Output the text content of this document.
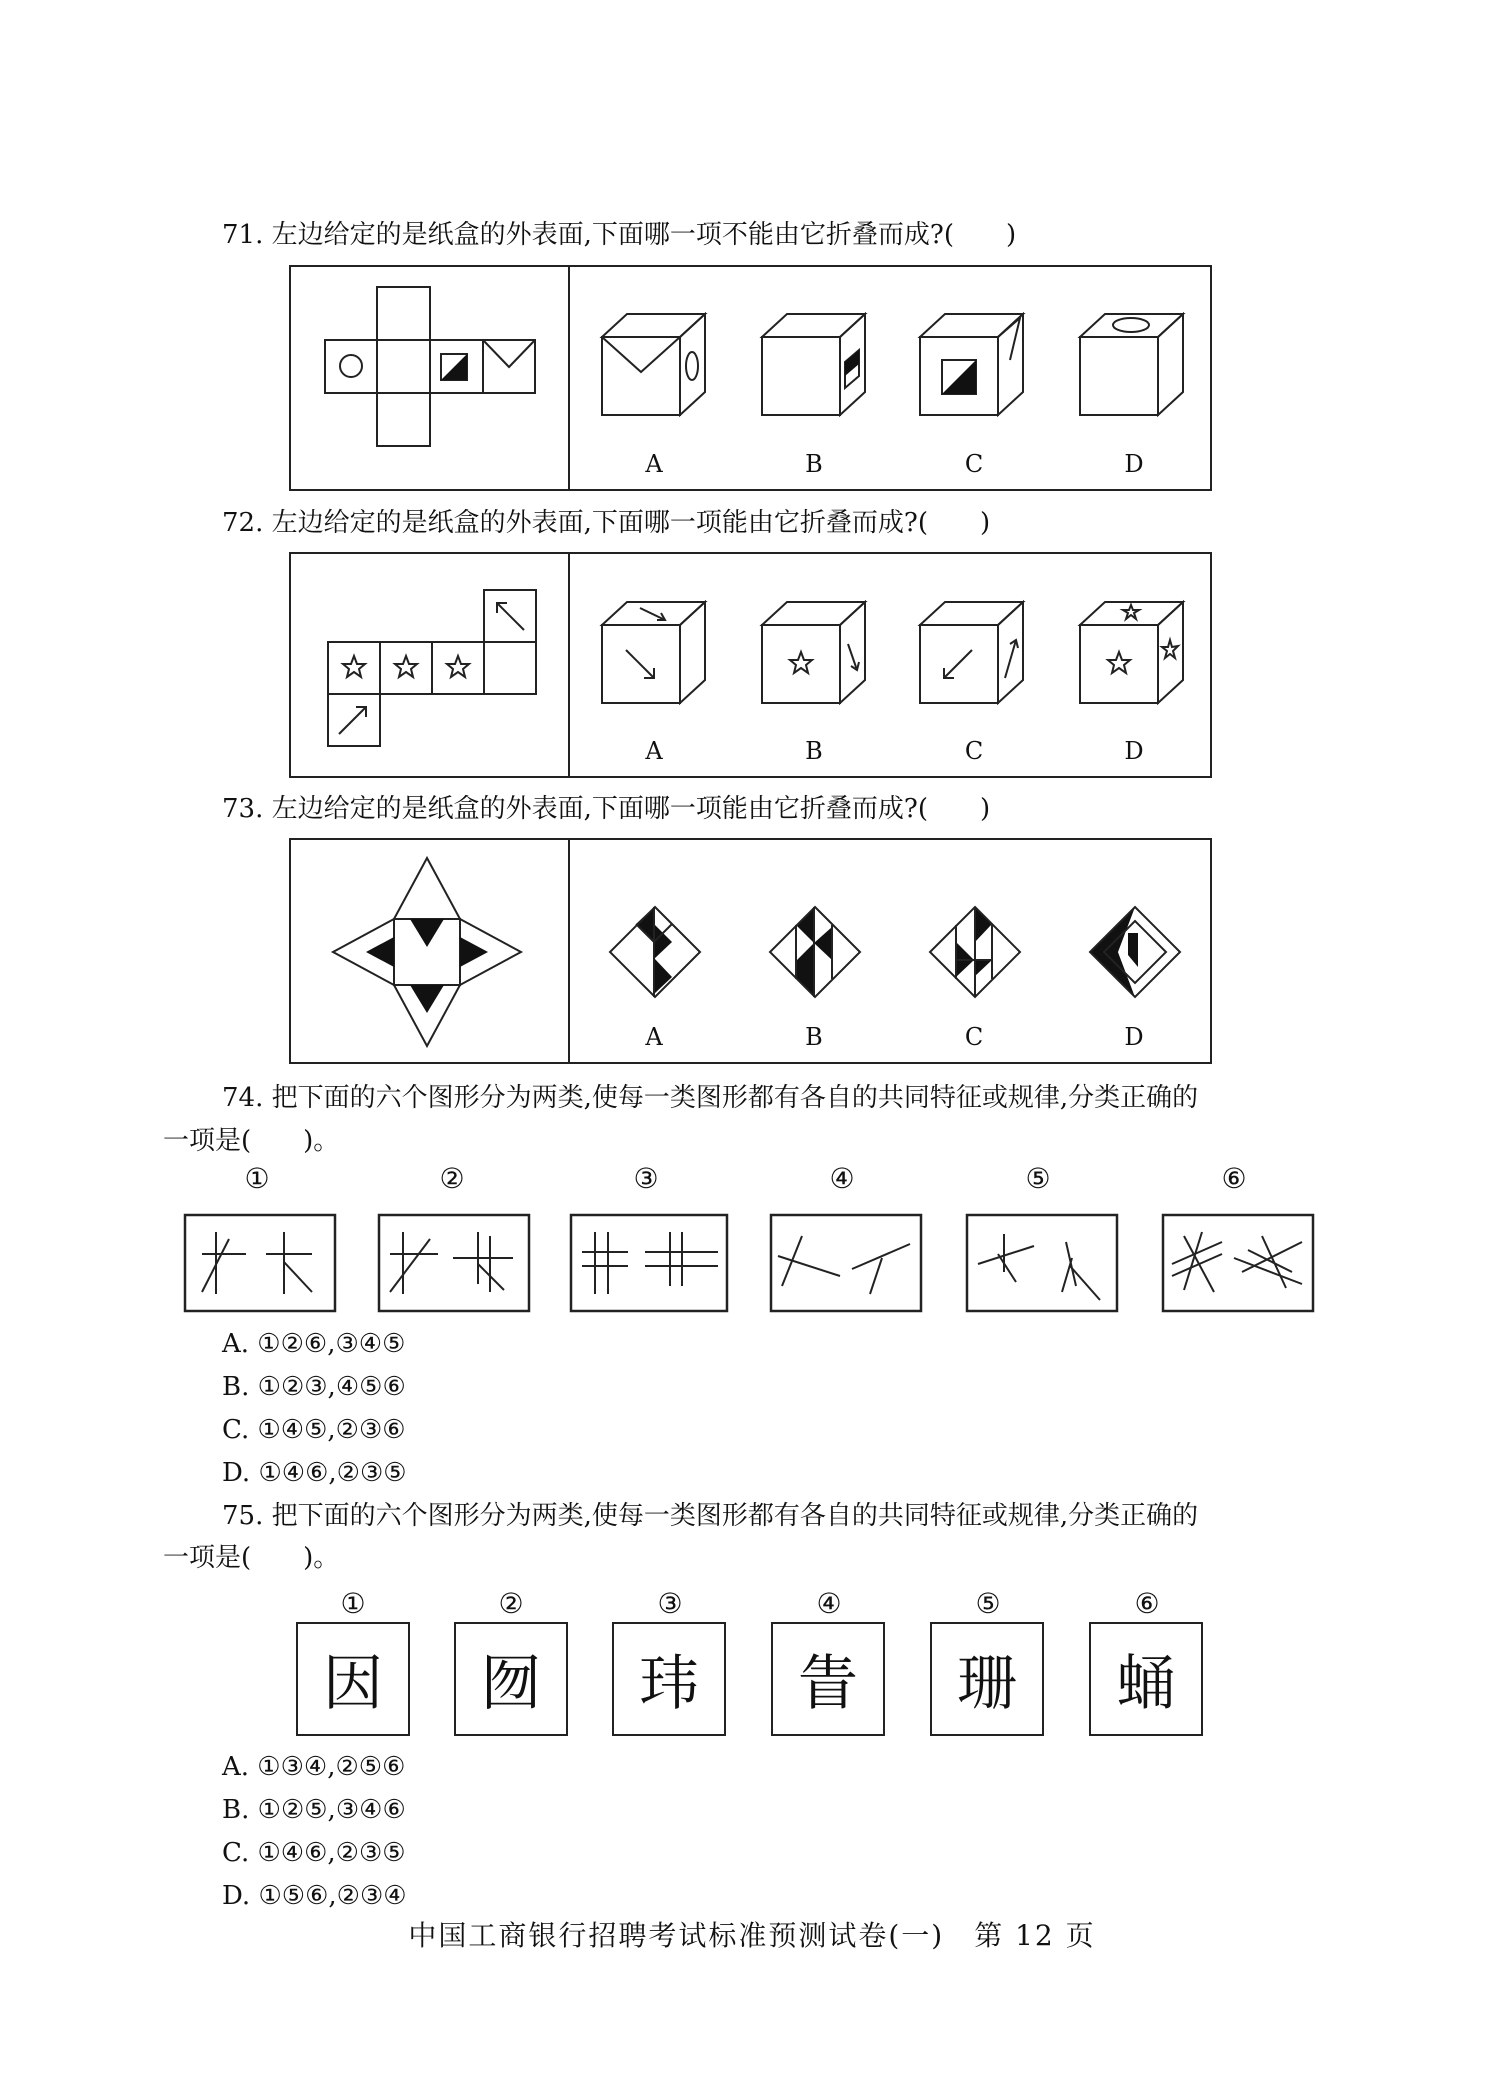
71. 左边给定的是纸盒的外表面,下面哪一项不能由它折叠而成?(　　)
A	B	C	D
72. 左边给定的是纸盒的外表面,下面哪一项能由它折叠而成?(　　)
A	B	C	D
73. 左边给定的是纸盒的外表面,下面哪一项能由它折叠而成?(　　)
A	B	C	D
74. 把下面的六个图形分为两类,使每一类图形都有各自的共同特征或规律,分类正确的
一项是(　　)。
①	②	③	④	⑤	⑥
A. ①②⑥,③④⑤
B. ①②③,④⑤⑥
C. ①④⑤,②③⑥
D. ①④⑥,②③⑤
75. 把下面的六个图形分为两类,使每一类图形都有各自的共同特征或规律,分类正确的
一项是(　　)。
①	②	③	④	⑤	⑥
因	囫	玮	眚	珊	蛹
A. ①③④,②⑤⑥
B. ①②⑤,③④⑥
C. ①④⑥,②③⑤
D. ①⑤⑥,②③④
中国工商银行招聘考试标准预测试卷(一)　第 12 页
